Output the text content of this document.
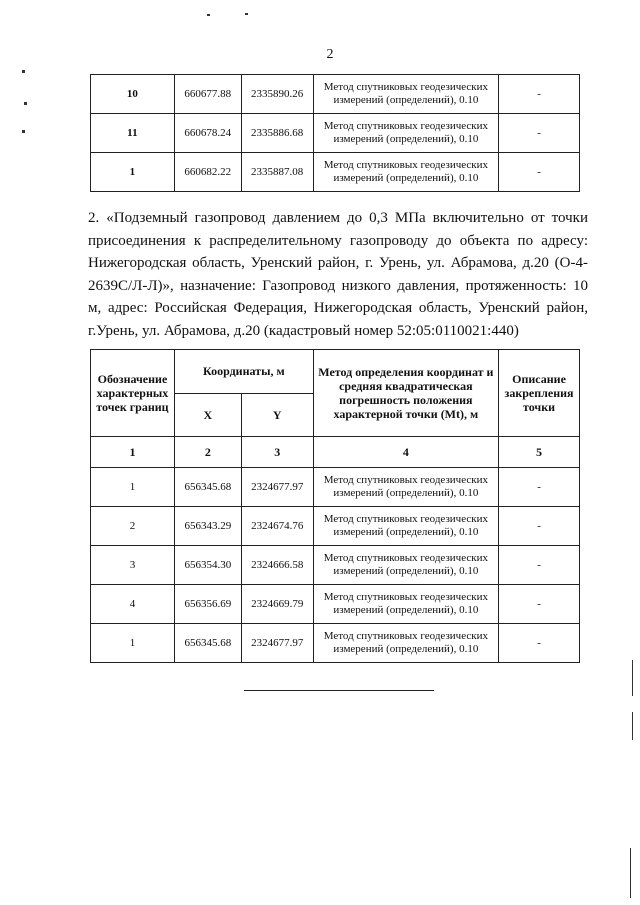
2
10	660677.88	2335890.26	Метод спутниковых геодезических измерений (определений), 0.10	-
11	660678.24	2335886.68	Метод спутниковых геодезических измерений (определений), 0.10	-
1	660682.22	2335887.08	Метод спутниковых геодезических измерений (определений), 0.10	-

2. «Подземный газопровод давлением до 0,3 МПа включительно от точки присоединения к распределительному газопроводу до объекта по адресу: Нижегородская область, Уренский район, г. Урень, ул. Абрамова, д.20 (О-4-2639С/Л-Л)», назначение: Газопровод низкого давления, протяженность: 10 м, адрес: Российская Федерация, Нижегородская область, Уренский район, г.Урень, ул. Абрамова, д.20 (кадастровый номер 52:05:0110021:440)

Обозначение характерных точек границ	Координаты, м		Метод определения координат и средняя квадратическая погрешность положения характерной точки (Mt), м	Описание закрепления точки
	X	Y		
1	2	3	4	5
1	656345.68	2324677.97	Метод спутниковых геодезических измерений (определений), 0.10	-
2	656343.29	2324674.76	Метод спутниковых геодезических измерений (определений), 0.10	-
3	656354.30	2324666.58	Метод спутниковых геодезических измерений (определений), 0.10	-
4	656356.69	2324669.79	Метод спутниковых геодезических измерений (определений), 0.10	-
1	656345.68	2324677.97	Метод спутниковых геодезических измерений (определений), 0.10	-
